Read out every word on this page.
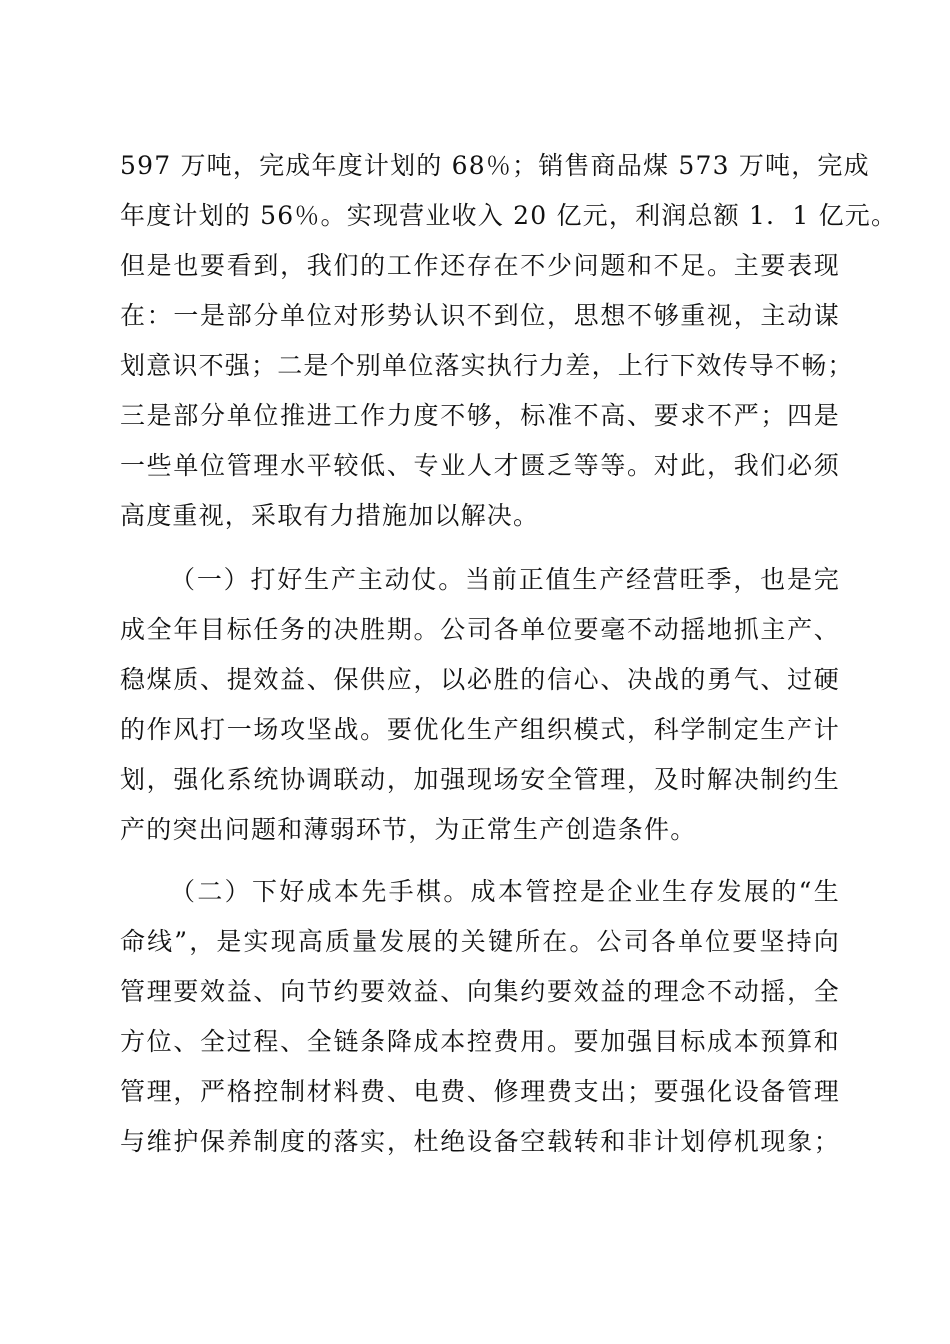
597 万吨，完成年度计划的 68％；销售商品煤 573 万吨，完成
年度计划的 56％。实现营业收入 20 亿元，利润总额 1．1 亿元。
但是也要看到，我们的工作还存在不少问题和不足。主要表现
在：一是部分单位对形势认识不到位，思想不够重视，主动谋
划意识不强；二是个别单位落实执行力差，上行下效传导不畅；
三是部分单位推进工作力度不够，标准不高、要求不严；四是
一些单位管理水平较低、专业人才匮乏等等。对此，我们必须
高度重视，采取有力措施加以解决。
（一）打好生产主动仗。当前正值生产经营旺季，也是完
成全年目标任务的决胜期。公司各单位要毫不动摇地抓主产、
稳煤质、提效益、保供应，以必胜的信心、决战的勇气、过硬
的作风打一场攻坚战。要优化生产组织模式，科学制定生产计
划，强化系统协调联动，加强现场安全管理，及时解决制约生
产的突出问题和薄弱环节，为正常生产创造条件。
（二）下好成本先手棋。成本管控是企业生存发展的“生
命线”，是实现高质量发展的关键所在。公司各单位要坚持向
管理要效益、向节约要效益、向集约要效益的理念不动摇，全
方位、全过程、全链条降成本控费用。要加强目标成本预算和
管理，严格控制材料费、电费、修理费支出；要强化设备管理
与维护保养制度的落实，杜绝设备空载转和非计划停机现象；
